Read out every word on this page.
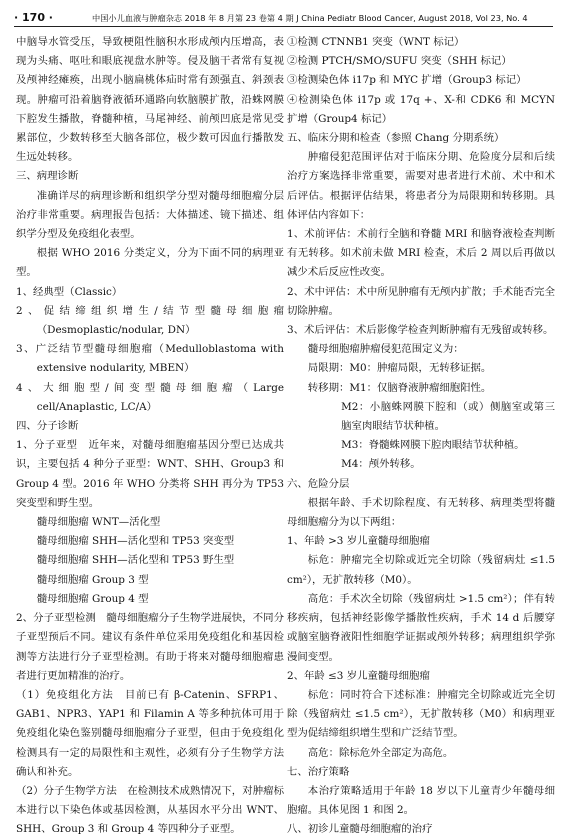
· 170 ·	中国小儿血液与肿瘤杂志 2018 年 8 月第 23 卷第 4 期 J China Pediatr Blood Cancer, August 2018, Vol 23, No. 4

中脑导水管受压，导致梗阻性脑积水形成颅内压增高，表现为头痛、呕吐和眼底视盘水肿等。侵及脑干者常有复视及颅神经瘫痪，出现小脑扁桃体疝时常有颈强直、斜颈表现。肿瘤可沿着脑脊液循环通路向软脑膜扩散，沿蛛网膜下腔发生播散，脊髓种植，马尾神经、前颅凹底是常见受累部位，少数转移至大脑各部位，极少数可因血行播散发生远处转移。

三、病理诊断

准确详尽的病理诊断和组织学分型对髓母细胞瘤分层治疗非常重要。病理报告包括：大体描述、镜下描述、组织学分型及免疫组化表型。

根据 WHO 2016 分类定义，分为下面不同的病理亚型。

1、经典型（Classic）

2、促结缔组织增生/结节型髓母细胞瘤（Desmoplastic/nodular, DN）

3、广泛结节型髓母细胞瘤（Medulloblastoma with extensive nodularity, MBEN）

4、大细胞型/间变型髓母细胞瘤（Large cell/Anaplastic, LC/A）

四、分子诊断

1、分子亚型　近年来，对髓母细胞瘤基因分型已达成共识，主要包括 4 种分子亚型：WNT、SHH、Group3 和 Group 4 型。2016 年 WHO 分类将 SHH 再分为 TP53 突变型和野生型。

髓母细胞瘤 WNT—活化型

髓母细胞瘤 SHH—活化型和 TP53 突变型

髓母细胞瘤 SHH—活化型和 TP53 野生型

髓母细胞瘤 Group 3 型

髓母细胞瘤 Group 4 型

2、分子亚型检测　髓母细胞瘤分子生物学进展快，不同分子亚型预后不同。建议有条件单位采用免疫组化和基因检测等方法进行分子亚型检测。有助于将来对髓母细胞瘤患者进行更加精准的治疗。

（1）免疫组化方法　目前已有 β-Catenin、SFRP1、GAB1、NPR3、YAP1 和 Filamin A 等多种抗体可用于免疫组化染色鉴别髓母细胞瘤分子亚型，但由于免疫组化检测具有一定的局限性和主观性，必须有分子生物学方法确认和补充。

（2）分子生物学方法　在检测技术成熟情况下，对肿瘤标本进行以下染色体或基因检测，从基因水平分出 WNT、SHH、Group 3 和 Group 4 等四种分子亚型。

①检测 CTNNB1 突变（WNT 标记）

②检测 PTCH/SMO/SUFU 突变（SHH 标记）

③检测染色体 i17p 和 MYC 扩增（Group3 标记）

④检测染色体 i17p 或 17q +、X-和 CDK6 和 MCYN 扩增（Group4 标记）

五、临床分期和检查（参照 Chang 分期系统）

肿瘤侵犯范围评估对于临床分期、危险度分层和后续治疗方案选择非常重要，需要对患者进行术前、术中和术后评估。根据评估结果，将患者分为局限期和转移期。具体评估内容如下：

1、术前评估：术前行全脑和脊髓 MRI 和脑脊液检查判断有无转移。如术前未做 MRI 检查，术后 2 周以后再做以减少术后反应性改变。

2、术中评估：术中所见肿瘤有无颅内扩散；手术能否完全切除肿瘤。

3、术后评估：术后影像学检查判断肿瘤有无残留或转移。

髓母细胞瘤肿瘤侵犯范围定义为：

局限期：M0：肿瘤局限，无转移证据。

转移期：M1：仅脑脊液肿瘤细胞阳性。

M2：小脑蛛网膜下腔和（或）侧脑室或第三脑室肉眼结节状种植。

M3：脊髓蛛网膜下腔肉眼结节状种植。

M4：颅外转移。

六、危险分层

根据年龄、手术切除程度、有无转移、病理类型将髓母细胞瘤分为以下两组：

1、年龄 >3 岁儿童髓母细胞瘤

标危：肿瘤完全切除或近完全切除（残留病灶 ≤1.5 cm²），无扩散转移（M0）。

高危：手术次全切除（残留病灶 >1.5 cm²）；伴有转移疾病，包括神经影像学播散性疾病，手术 14 d 后腰穿或脑室脑脊液阳性细胞学证据或颅外转移；病理组织学弥漫间变型。

2、年龄 ≤3 岁儿童髓母细胞瘤

标危：同时符合下述标准：肿瘤完全切除或近完全切除（残留病灶 ≤1.5 cm²），无扩散转移（M0）和病理亚型为促结缔组织增生型和广泛结节型。

高危：除标危外全部定为高危。

七、治疗策略

本治疗策略适用于年龄 18 岁以下儿童青少年髓母细胞瘤。具体见图 1 和图 2。

八、初诊儿童髓母细胞瘤的治疗
